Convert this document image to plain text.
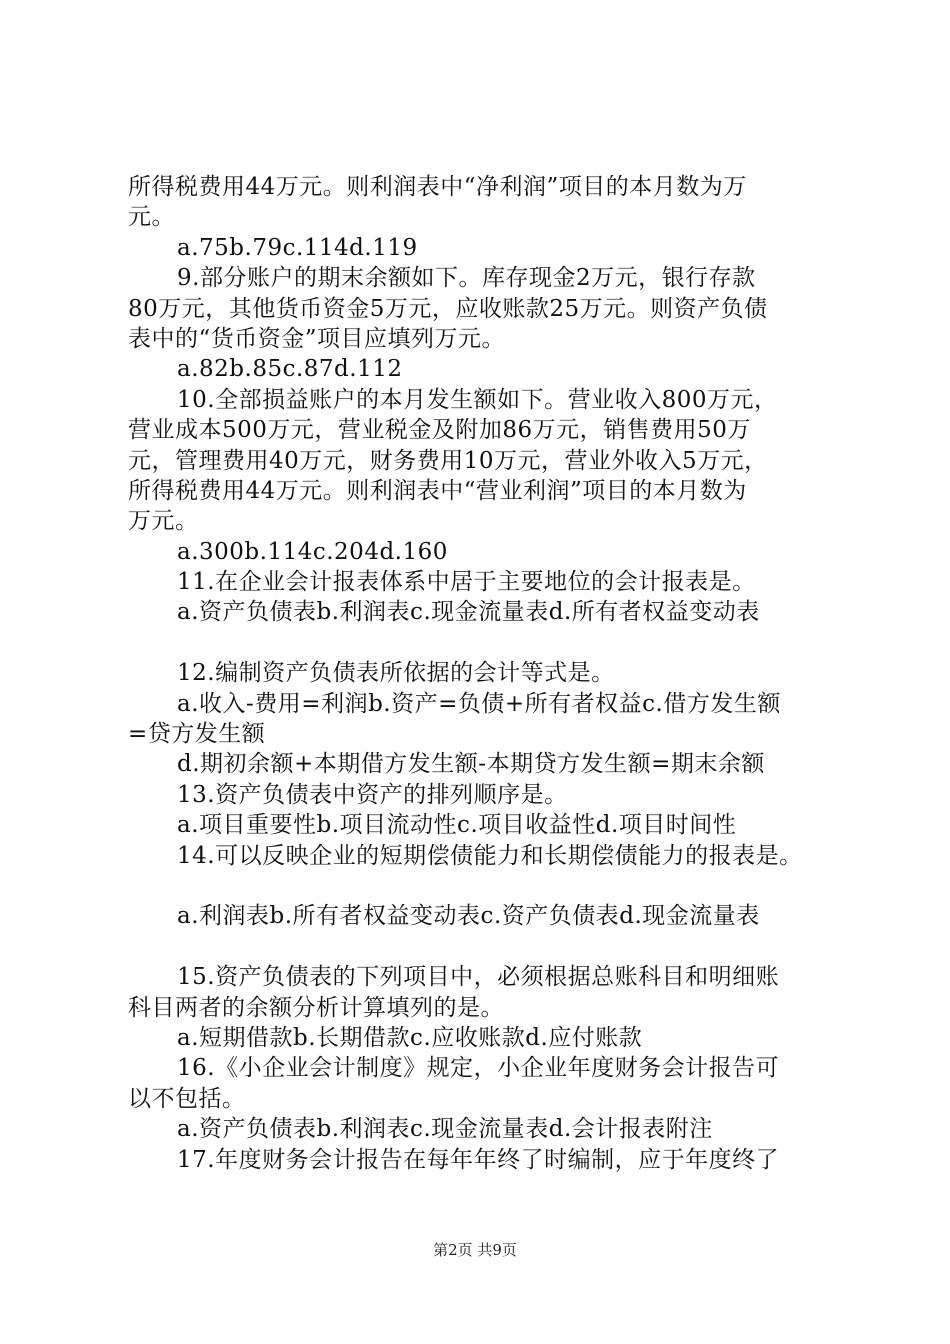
所得税费用44万元。则利润表中“净利润”项目的本月数为万
元。
a.75b.79c.114d.119
9.部分账户的期末余额如下。库存现金2万元，银行存款
80万元，其他货币资金5万元，应收账款25万元。则资产负债
表中的“货币资金”项目应填列万元。
a.82b.85c.87d.112
10.全部损益账户的本月发生额如下。营业收入800万元，
营业成本500万元，营业税金及附加86万元，销售费用50万
元，管理费用40万元，财务费用10万元，营业外收入5万元，
所得税费用44万元。则利润表中“营业利润”项目的本月数为
万元。
a.300b.114c.204d.160
11.在企业会计报表体系中居于主要地位的会计报表是。
a.资产负债表b.利润表c.现金流量表d.所有者权益变动表
12.编制资产负债表所依据的会计等式是。
a.收入-费用=利润b.资产=负债+所有者权益c.借方发生额
=贷方发生额
d.期初余额+本期借方发生额-本期贷方发生额=期末余额
13.资产负债表中资产的排列顺序是。
a.项目重要性b.项目流动性c.项目收益性d.项目时间性
14.可以反映企业的短期偿债能力和长期偿债能力的报表是。
a.利润表b.所有者权益变动表c.资产负债表d.现金流量表
15.资产负债表的下列项目中，必须根据总账科目和明细账
科目两者的余额分析计算填列的是。
a.短期借款b.长期借款c.应收账款d.应付账款
16.《小企业会计制度》规定，小企业年度财务会计报告可
以不包括。
a.资产负债表b.利润表c.现金流量表d.会计报表附注
17.年度财务会计报告在每年年终了时编制，应于年度终了
第2页 共9页
